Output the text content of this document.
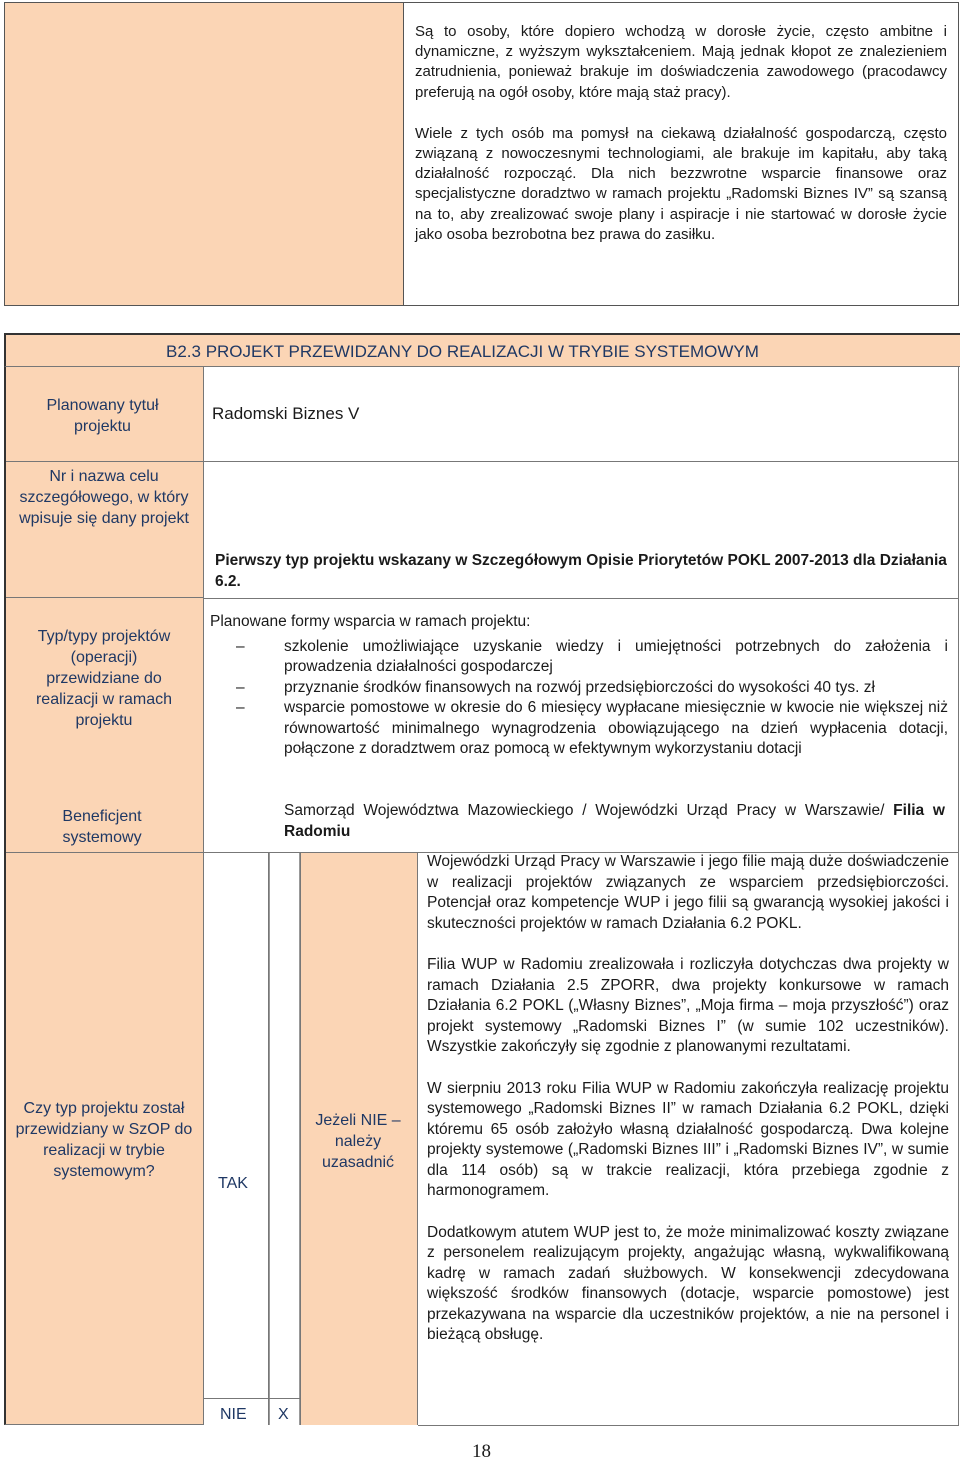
Są to osoby, które dopiero wchodzą w dorosłe życie, często ambitne i dynamiczne, z wyższym wykształceniem. Mają jednak kłopot ze znalezieniem zatrudnienia, ponieważ brakuje im doświadczenia zawodowego (pracodawcy preferują na ogół osoby, które mają staż pracy).

Wiele z tych osób ma pomysł na ciekawą działalność gospodarczą, często związaną z nowoczesnymi technologiami, ale brakuje im kapitału, aby taką działalność rozpocząć. Dla nich bezzwrotne wsparcie finansowe oraz specjalistyczne doradztwo w ramach projektu „Radomski Biznes IV” są szansą na to, aby zrealizować swoje plany i aspiracje i nie startować w dorosłe życie jako osoba bezrobotna bez prawa do zasiłku.

B2.3 PROJEKT PRZEWIDZANY DO REALIZACJI W TRYBIE SYSTEMOWYM
Planowany tytuł projektu
Nr i nazwa celu szczegółowego, w który wpisuje się dany projekt
Typ/typy projektów (operacji) przewidziane do realizacji w ramach projektu
Beneficjent systemowy
Czy typ projektu został przewidziany w SzOP do realizacji w trybie systemowym?
Radomski Biznes V
Pierwszy typ projektu wskazany w Szczegółowym Opisie Priorytetów POKL 2007-2013 dla Działania 6.2.
Planowane formy wsparcia w ramach projektu:
– szkolenie umożliwiające uzyskanie wiedzy i umiejętności potrzebnych do założenia i prowadzenia działalności gospodarczej
– przyznanie środków finansowych na rozwój przedsiębiorczości do wysokości 40 tys. zł
– wsparcie pomostowe w okresie do 6 miesięcy wypłacane miesięcznie w kwocie nie większej niż równowartość minimalnego wynagrodzenia obowiązującego na dzień wypłacenia dotacji, połączone z doradztwem oraz pomocą w efektywnym wykorzystaniu dotacji
Samorząd Województwa Mazowieckiego / Wojewódzki Urząd Pracy w Warszawie/ Filia w Radomiu
Jeżeli NIE – należy uzasadnić
TAK
NIE X

Wojewódzki Urząd Pracy w Warszawie i jego filie mają duże doświadczenie w realizacji projektów związanych ze wsparciem przedsiębiorczości. Potencjał oraz kompetencje WUP i jego filii są gwarancją wysokiej jakości i skuteczności projektów w ramach Działania 6.2 POKL.

Filia WUP w Radomiu zrealizowała i rozliczyła dotychczas dwa projekty w ramach Działania 2.5 ZPORR, dwa projekty konkursowe w ramach Działania 6.2 POKL („Własny Biznes”, „Moja firma – moja przyszłość”) oraz projekt systemowy „Radomski Biznes I” (w sumie 102 uczestników). Wszystkie zakończyły się zgodnie z planowanymi rezultatami.

W sierpniu 2013 roku Filia WUP w Radomiu zakończyła realizację projektu systemowego „Radomski Biznes II” w ramach Działania 6.2 POKL, dzięki któremu 65 osób założyło własną działalność gospodarczą. Dwa kolejne projekty systemowe („Radomski Biznes III” i „Radomski Biznes IV”, w sumie dla 114 osób) są w trakcie realizacji, która przebiega zgodnie z harmonogramem.

Dodatkowym atutem WUP jest to, że może minimalizować koszty związane z personelem realizującym projekty, angażując własną, wykwalifikowaną kadrę w ramach zadań służbowych. W konsekwencji zdecydowana większość środków finansowych (dotacje, wsparcie pomostowe) jest przekazywana na wsparcie dla uczestników projektów, a nie na personel i bieżącą obsługę.

18
